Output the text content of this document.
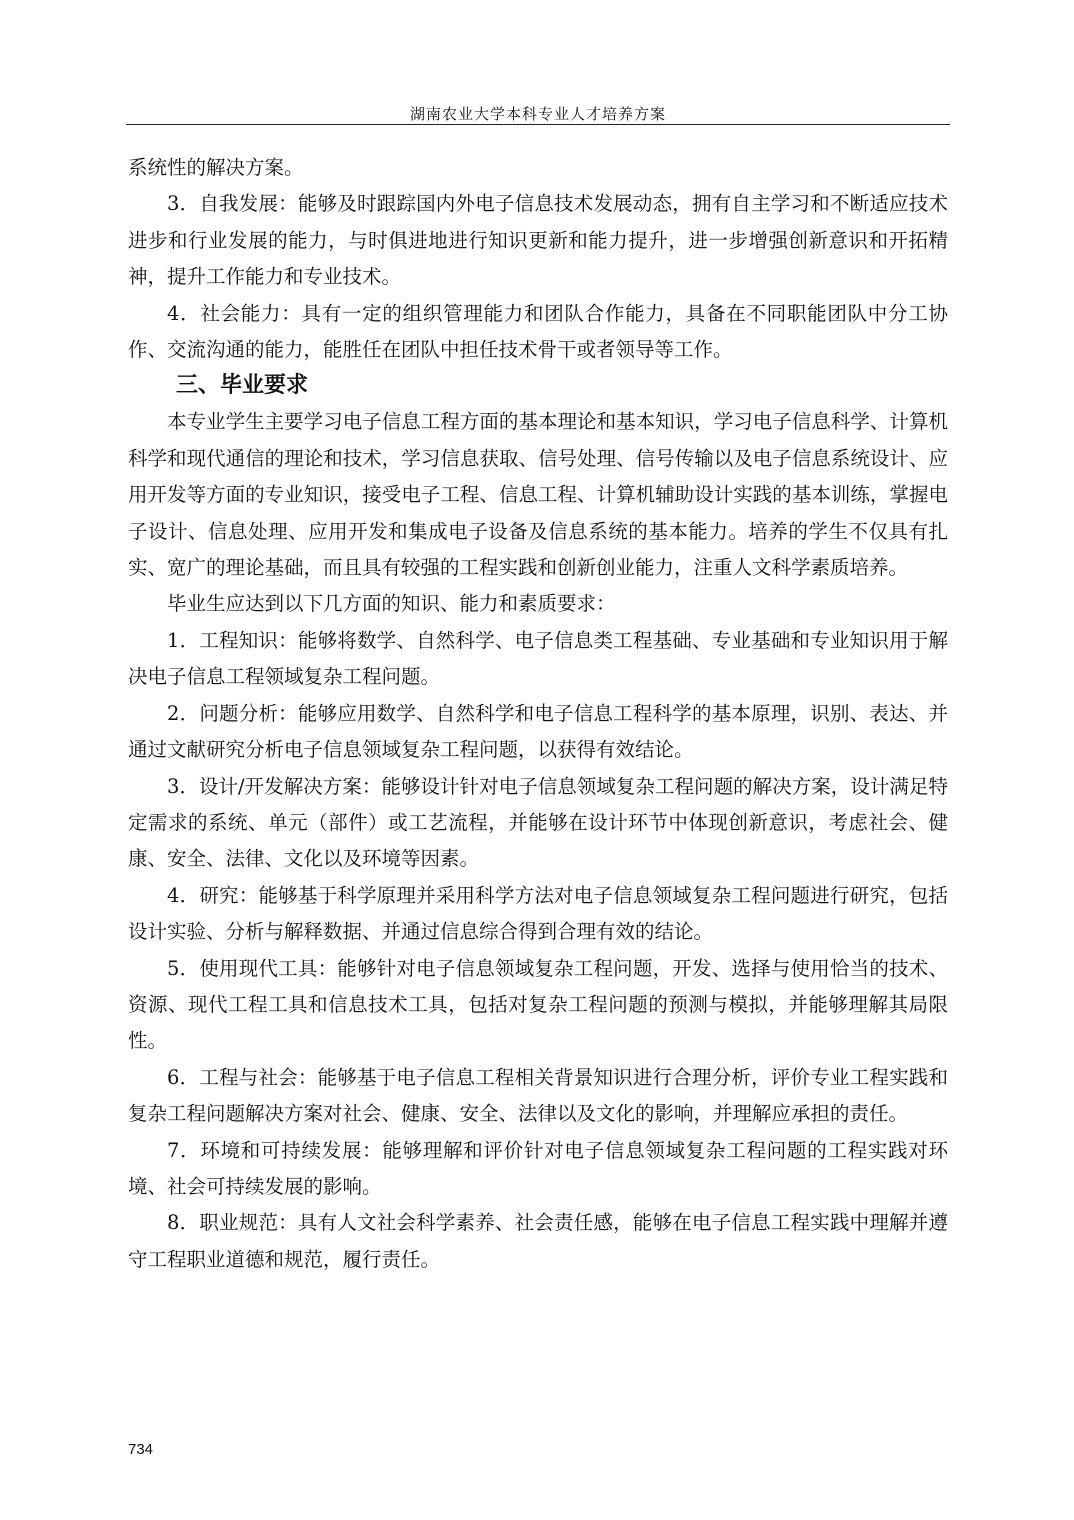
湖南农业大学本科专业人才培养方案

系统性的解决方案。

3．自我发展：能够及时跟踪国内外电子信息技术发展动态，拥有自主学习和不断适应技术进步和行业发展的能力，与时俱进地进行知识更新和能力提升，进一步增强创新意识和开拓精神，提升工作能力和专业技术。

4．社会能力：具有一定的组织管理能力和团队合作能力，具备在不同职能团队中分工协作、交流沟通的能力，能胜任在团队中担任技术骨干或者领导等工作。

三、毕业要求

本专业学生主要学习电子信息工程方面的基本理论和基本知识，学习电子信息科学、计算机科学和现代通信的理论和技术，学习信息获取、信号处理、信号传输以及电子信息系统设计、应用开发等方面的专业知识，接受电子工程、信息工程、计算机辅助设计实践的基本训练，掌握电子设计、信息处理、应用开发和集成电子设备及信息系统的基本能力。培养的学生不仅具有扎实、宽广的理论基础，而且具有较强的工程实践和创新创业能力，注重人文科学素质培养。

毕业生应达到以下几方面的知识、能力和素质要求：

1．工程知识：能够将数学、自然科学、电子信息类工程基础、专业基础和专业知识用于解决电子信息工程领域复杂工程问题。

2．问题分析：能够应用数学、自然科学和电子信息工程科学的基本原理，识别、表达、并通过文献研究分析电子信息领域复杂工程问题，以获得有效结论。

3．设计/开发解决方案：能够设计针对电子信息领域复杂工程问题的解决方案，设计满足特定需求的系统、单元（部件）或工艺流程，并能够在设计环节中体现创新意识，考虑社会、健康、安全、法律、文化以及环境等因素。

4．研究：能够基于科学原理并采用科学方法对电子信息领域复杂工程问题进行研究，包括设计实验、分析与解释数据、并通过信息综合得到合理有效的结论。

5．使用现代工具：能够针对电子信息领域复杂工程问题，开发、选择与使用恰当的技术、资源、现代工程工具和信息技术工具，包括对复杂工程问题的预测与模拟，并能够理解其局限性。

6．工程与社会：能够基于电子信息工程相关背景知识进行合理分析，评价专业工程实践和复杂工程问题解决方案对社会、健康、安全、法律以及文化的影响，并理解应承担的责任。

7．环境和可持续发展：能够理解和评价针对电子信息领域复杂工程问题的工程实践对环境、社会可持续发展的影响。

8．职业规范：具有人文社会科学素养、社会责任感，能够在电子信息工程实践中理解并遵守工程职业道德和规范，履行责任。

734
